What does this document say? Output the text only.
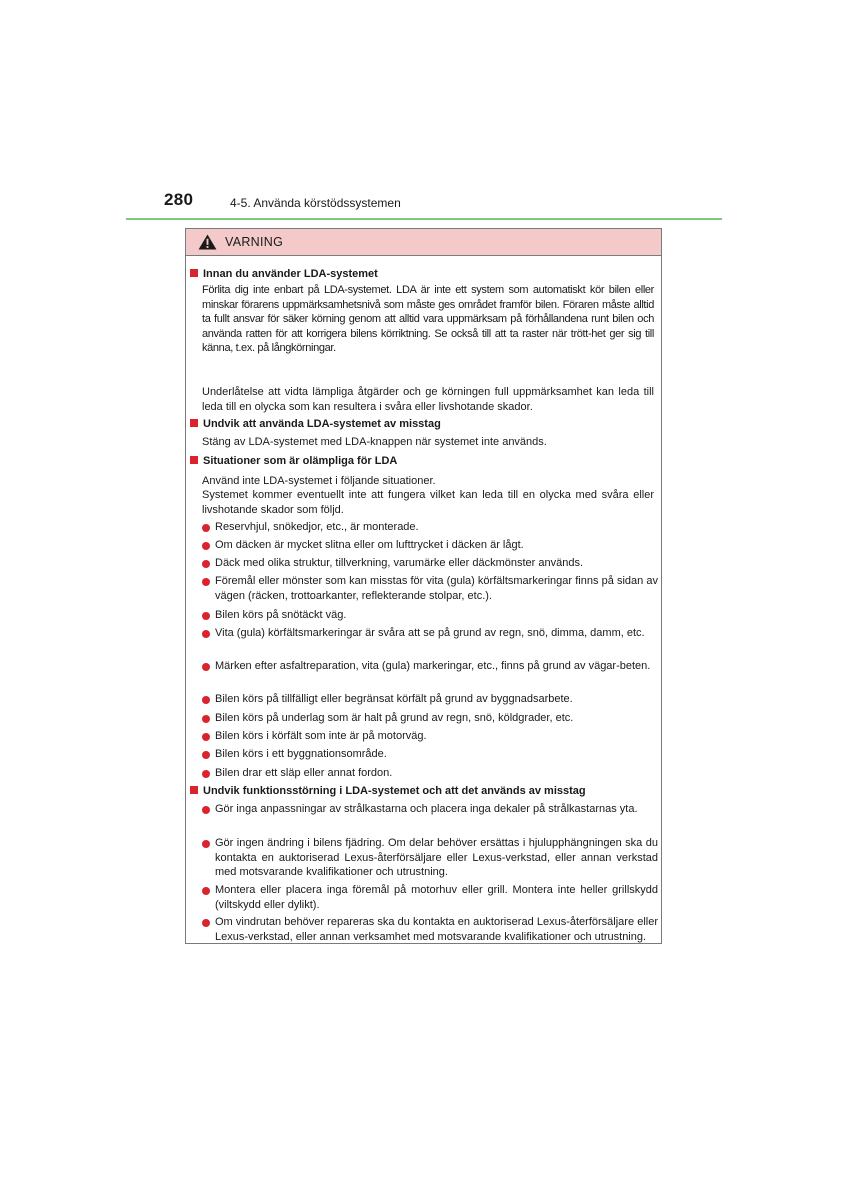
280	4-5. Använda körstödssystemen
VARNING
Innan du använder LDA-systemet
Förlita dig inte enbart på LDA-systemet. LDA är inte ett system som automatiskt kör bilen eller minskar förarens uppmärksamhetsnivå som måste ges området framför bilen. Föraren måste alltid ta fullt ansvar för säker körning genom att alltid vara uppmärksam på förhållandena runt bilen och använda ratten för att korrigera bilens körriktning. Se också till att ta raster när trött-het ger sig till känna, t.ex. på långkörningar.
Underlåtelse att vidta lämpliga åtgärder och ge körningen full uppmärksamhet kan leda till leda till en olycka som kan resultera i svåra eller livshotande skador.
Undvik att använda LDA-systemet av misstag
Stäng av LDA-systemet med LDA-knappen när systemet inte används.
Situationer som är olämpliga för LDA
Använd inte LDA-systemet i följande situationer.
Systemet kommer eventuellt inte att fungera vilket kan leda till en olycka med svåra eller livshotande skador som följd.
Reservhjul, snökedjor, etc., är monterade.
Om däcken är mycket slitna eller om lufttrycket i däcken är lågt.
Däck med olika struktur, tillverkning, varumärke eller däckmönster används.
Föremål eller mönster som kan misstas för vita (gula) körfältsmarkeringar finns på sidan av vägen (räcken, trottoarkanter, reflekterande stolpar, etc.).
Bilen körs på snötäckt väg.
Vita (gula) körfältsmarkeringar är svåra att se på grund av regn, snö, dimma, damm, etc.
Märken efter asfaltreparation, vita (gula) markeringar, etc., finns på grund av vägar-beten.
Bilen körs på tillfälligt eller begränsat körfält på grund av byggnadsarbete.
Bilen körs på underlag som är halt på grund av regn, snö, köldgrader, etc.
Bilen körs i körfält som inte är på motorväg.
Bilen körs i ett byggnationsområde.
Bilen drar ett släp eller annat fordon.
Undvik funktionsstörning i LDA-systemet och att det används av misstag
Gör inga anpassningar av strålkastarna och placera inga dekaler på strålkastarnas yta.
Gör ingen ändring i bilens fjädring. Om delar behöver ersättas i hjulupphängningen ska du kontakta en auktoriserad Lexus-återförsäljare eller Lexus-verkstad, eller annan verkstad med motsvarande kvalifikationer och utrustning.
Montera eller placera inga föremål på motorhuv eller grill. Montera inte heller grillskydd (viltskydd eller dylikt).
Om vindrutan behöver repareras ska du kontakta en auktoriserad Lexus-återförsäljare eller Lexus-verkstad, eller annan verksamhet med motsvarande kvalifikationer och utrustning.
